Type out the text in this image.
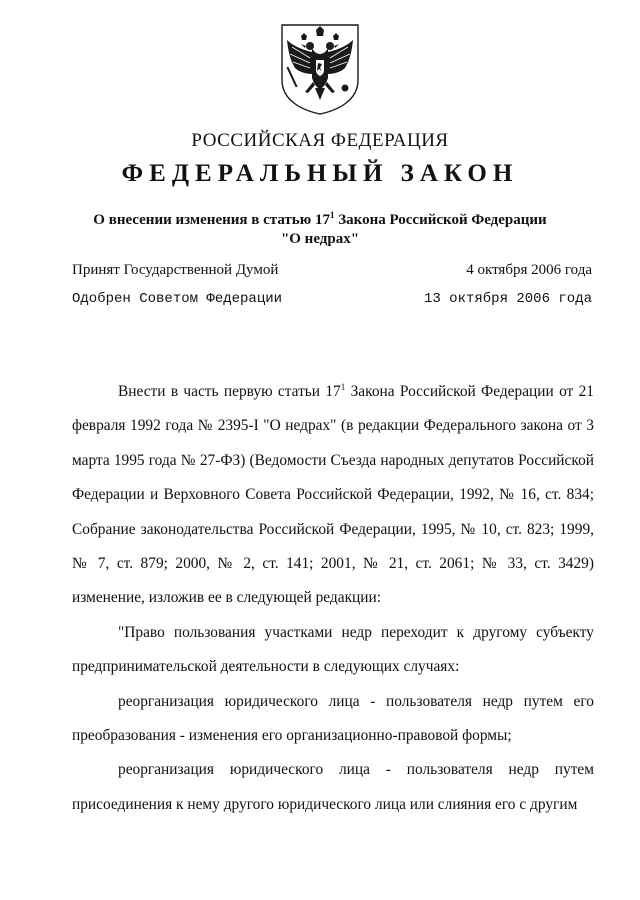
РОССИЙСКАЯ ФЕДЕРАЦИЯ
ФЕДЕРАЛЬНЫЙ ЗАКОН
О внесении изменения в статью $17^1$ Закона Российской Федерации
"О недрах"
Принят Государственной Думой	4 октября 2006 года
Одобрен Советом Федерации	13 октября 2006 года

Внести в часть первую статьи $17^1$ Закона Российской Федерации от 21 февраля 1992 года № 2395-I "О недрах" (в редакции Федерального закона от 3 марта 1995 года № 27-ФЗ) (Ведомости Съезда народных депутатов Российской Федерации и Верховного Совета Российской Федерации, 1992, № 16, ст. 834; Собрание законодательства Российской Федерации, 1995, № 10, ст. 823; 1999, № 7, ст. 879; 2000, № 2, ст. 141; 2001, № 21, ст. 2061; № 33, ст. 3429) изменение, изложив ее в следующей редакции:

"Право пользования участками недр переходит к другому субъекту предпринимательской деятельности в следующих случаях:

реорганизация юридического лица - пользователя недр путем его преобразования - изменения его организационно-правовой формы;

реорганизация юридического лица - пользователя недр путем присоединения к нему другого юридического лица или слияния его с другим
